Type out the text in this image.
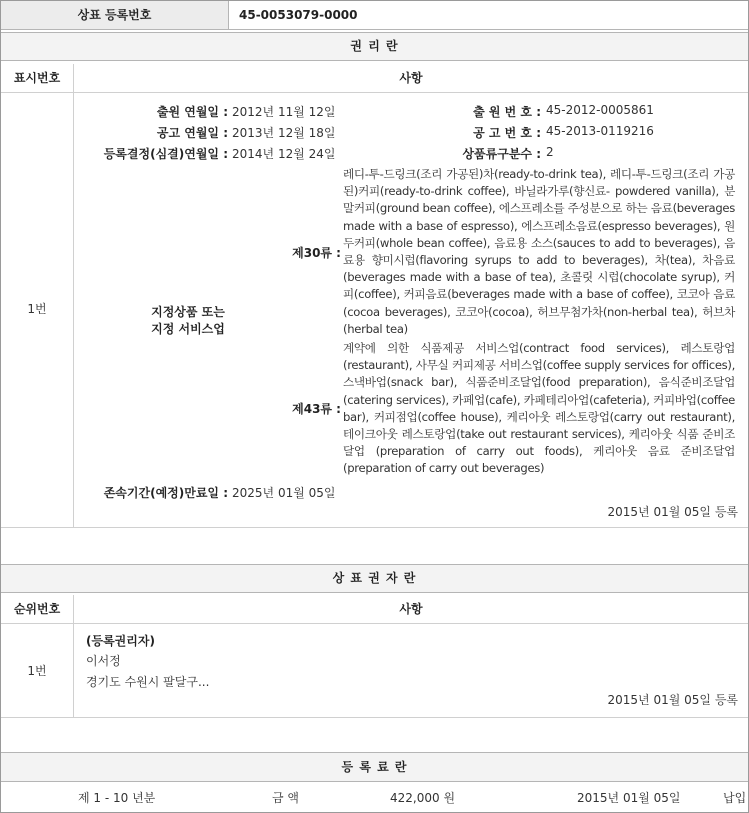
상표 등록번호	45-0053079-0000
권 리 란
표시번호	사항
1번
출원 연월일 : 2012년 11월 12일	출 원 번 호 : 45-2012-0005861
공고 연월일 : 2013년 12월 18일	공 고 번 호 : 45-2013-0119216
등록결정(심결)연월일 : 2014년 12월 24일	상품류구분수 : 2
지정상품 또는
지정 서비스업
제30류 :
레디-투-드링크(조리 가공된)차(ready-to-drink tea), 레디-투-드링크(조리 가공된)커피(ready-to-drink coffee), 바닐라가루(향신료- powdered vanilla), 분말커피(ground bean coffee), 에스프레소를 주성분으로 하는 음료(beverages made with a base of espresso), 에스프레소음료(espresso beverages), 원두커피(whole bean coffee), 음료용 소스(sauces to add to beverages), 음료용 향미시럽(flavoring syrups to add to beverages), 차(tea), 차음료(beverages made with a base of tea), 초콜릿 시럽(chocolate syrup), 커피(coffee), 커피음료(beverages made with a base of coffee), 코코아 음료(cocoa beverages), 코코아(cocoa), 허브무첨가차(non-herbal tea), 허브차(herbal tea)
제43류 :
계약에 의한 식품제공 서비스업(contract food services), 레스토랑업(restaurant), 사무실 커피제공 서비스업(coffee supply services for offices), 스낵바업(snack bar), 식품준비조달업(food preparation), 음식준비조달업(catering services), 카페업(cafe), 카페테리아업(cafeteria), 커피바업(coffee bar), 커피점업(coffee house), 케리아웃 레스토랑업(carry out restaurant), 테이크아웃 레스토랑업(take out restaurant services), 케리아웃 식품 준비조달업 (preparation of carry out foods), 케리아웃 음료 준비조달업(preparation of carry out beverages)
존속기간(예정)만료일 : 2025년 01월 05일
2015년 01월 05일 등록
상 표 권 자 란
순위번호	사항
1번
(등록권리자)
이서정
경기도 수원시 팔달구...
2015년 01월 05일 등록
등 록 료 란
제 1 - 10 년분	금 액	422,000 원	2015년 01월 05일	납입
